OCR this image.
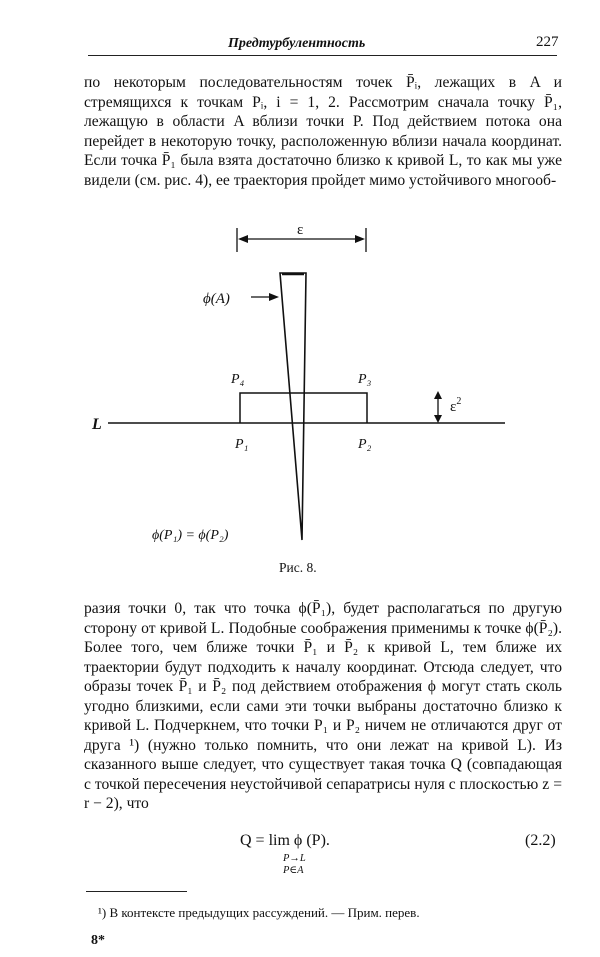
Предтурбулентность	227

по некоторым последовательностям точек P̄ᵢ, лежащих в A и стремящихся к точкам Pᵢ, i = 1, 2. Рассмотрим сначала точку P̄₁, лежащую в области A вблизи точки P. Под действием потока она перейдет в некоторую точку, расположенную вблизи начала координат. Если точка P̄₁ была взята достаточно близко к кривой L, то как мы уже видели (см. рис. 4), ее траектория пройдет мимо устойчивого многооб-

ε
ϕ(A)
P₄	P₃
P₁	P₂
L
$\varepsilon^2$
ϕ(P₁) = ϕ(P₂)
Рис. 8.

разия точки 0, так что точка ϕ(P̄₁), будет располагаться по другую сторону от кривой L. Подобные соображения применимы к точке ϕ(P̄₂). Более того, чем ближе точки P̄₁ и P̄₂ к кривой L, тем ближе их траектории будут подходить к началу координат. Отсюда следует, что образы точек P̄₁ и P̄₂ под действием отображения ϕ могут стать сколь угодно близкими, если сами эти точки выбраны достаточно близко к кривой L. Подчеркнем, что точки P₁ и P₂ ничем не отличаются друг от друга ¹) (нужно только помнить, что они лежат на кривой L). Из сказанного выше следует, что существует такая точка Q (совпадающая с точкой пересечения неустойчивой сепаратрисы нуля с плоскостью z = r − 2), что

Q = lim ϕ (P).
P→L
P∈A
(2.2)
¹) В контексте предыдущих рассуждений. — Прим. перев.
8*
